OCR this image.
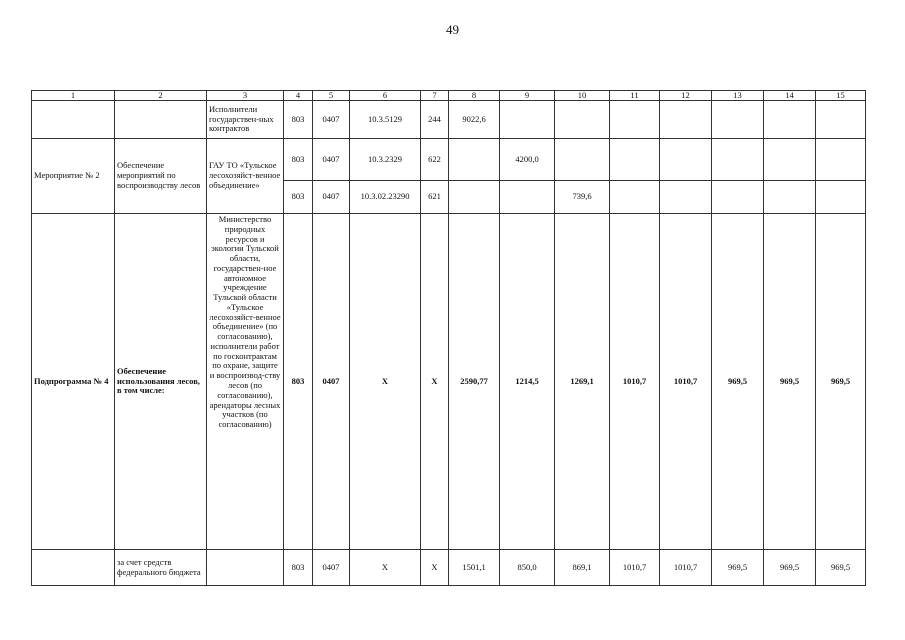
49
1	2	3	4	5	6	7	8	9	10	11	12	13	14	15
		Исполнители государствен-ных контрактов	803	0407	10.3.5129	244	9022,6							
Мероприятие № 2	Обеспечение мероприятий по воспроизводству лесов	ГАУ ТО «Тульское лесохозяйст-венное объединение»	803	0407	10.3.2329	622		4200,0						
			803	0407	10.3.02.23290	621			739,6					
Подпрограмма № 4	Обеспечение использования лесов, в том числе:	Министерство природных ресурсов и экологии Тульской области, государствен-ное автономное учреждение Тульской области «Тульское лесохозяйст-венное объединение» (по согласованию), исполнители работ по госконтрактам по охране, защите и воспроизвод-ству лесов (по согласованию), арендаторы лесных участков (по согласованию)	803	0407	Х	Х	2590,77	1214,5	1269,1	1010,7	1010,7	969,5	969,5	969,5
	за счет средств федерального бюджета		803	0407	Х	Х	1501,1	850,0	869,1	1010,7	1010,7	969,5	969,5	969,5
